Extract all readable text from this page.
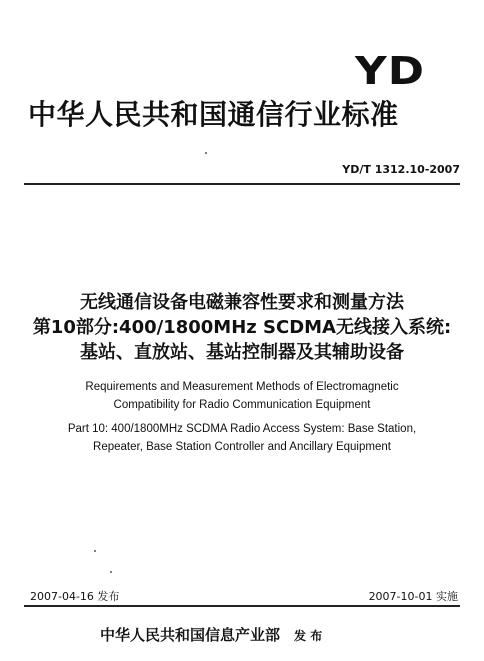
YD
中华人民共和国通信行业标准
YD/T 1312.10-2007
无线通信设备电磁兼容性要求和测量方法
第10部分:400/1800MHz SCDMA无线接入系统:
基站、直放站、基站控制器及其辅助设备
Requirements and Measurement Methods of Electromagnetic
Compatibility for Radio Communication Equipment
Part 10: 400/1800MHz SCDMA Radio Access System: Base Station,
Repeater, Base Station Controller and Ancillary Equipment
2007-04-16 发布	2007-10-01 实施
中华人民共和国信息产业部 发 布
